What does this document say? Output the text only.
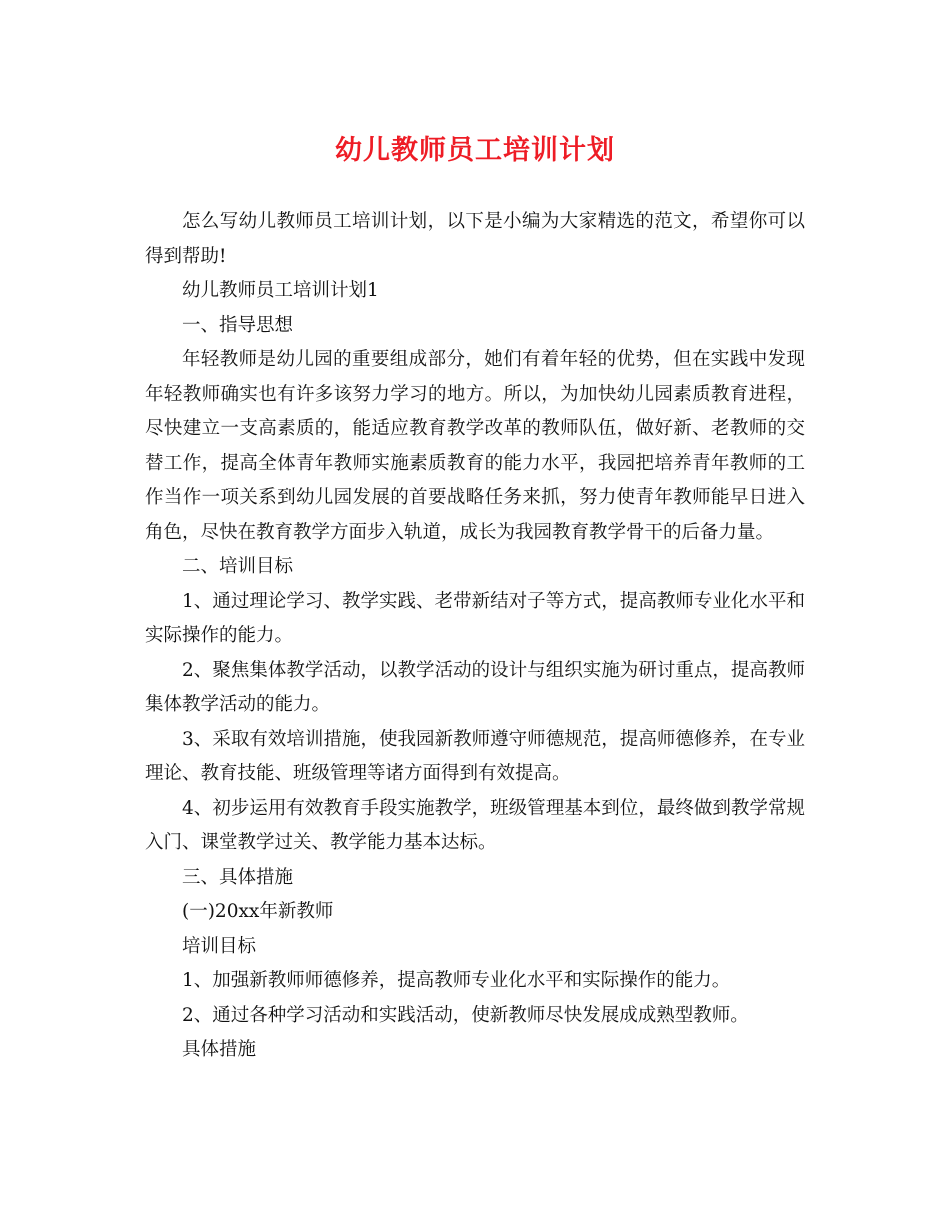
幼儿教师员工培训计划

怎么写幼儿教师员工培训计划，以下是小编为大家精选的范文，希望你可以得到帮助!

幼儿教师员工培训计划1

一、指导思想

年轻教师是幼儿园的重要组成部分，她们有着年轻的优势，但在实践中发现年轻教师确实也有许多该努力学习的地方。所以，为加快幼儿园素质教育进程，尽快建立一支高素质的，能适应教育教学改革的教师队伍，做好新、老教师的交替工作，提高全体青年教师实施素质教育的能力水平，我园把培养青年教师的工作当作一项关系到幼儿园发展的首要战略任务来抓，努力使青年教师能早日进入角色，尽快在教育教学方面步入轨道，成长为我园教育教学骨干的后备力量。

二、培训目标

1、通过理论学习、教学实践、老带新结对子等方式，提高教师专业化水平和实际操作的能力。

2、聚焦集体教学活动，以教学活动的设计与组织实施为研讨重点，提高教师集体教学活动的能力。

3、采取有效培训措施，使我园新教师遵守师德规范，提高师德修养，在专业理论、教育技能、班级管理等诸方面得到有效提高。

4、初步运用有效教育手段实施教学，班级管理基本到位，最终做到教学常规入门、课堂教学过关、教学能力基本达标。

三、具体措施

(一)20xx年新教师

培训目标

1、加强新教师师德修养，提高教师专业化水平和实际操作的能力。

2、通过各种学习活动和实践活动，使新教师尽快发展成成熟型教师。

具体措施
